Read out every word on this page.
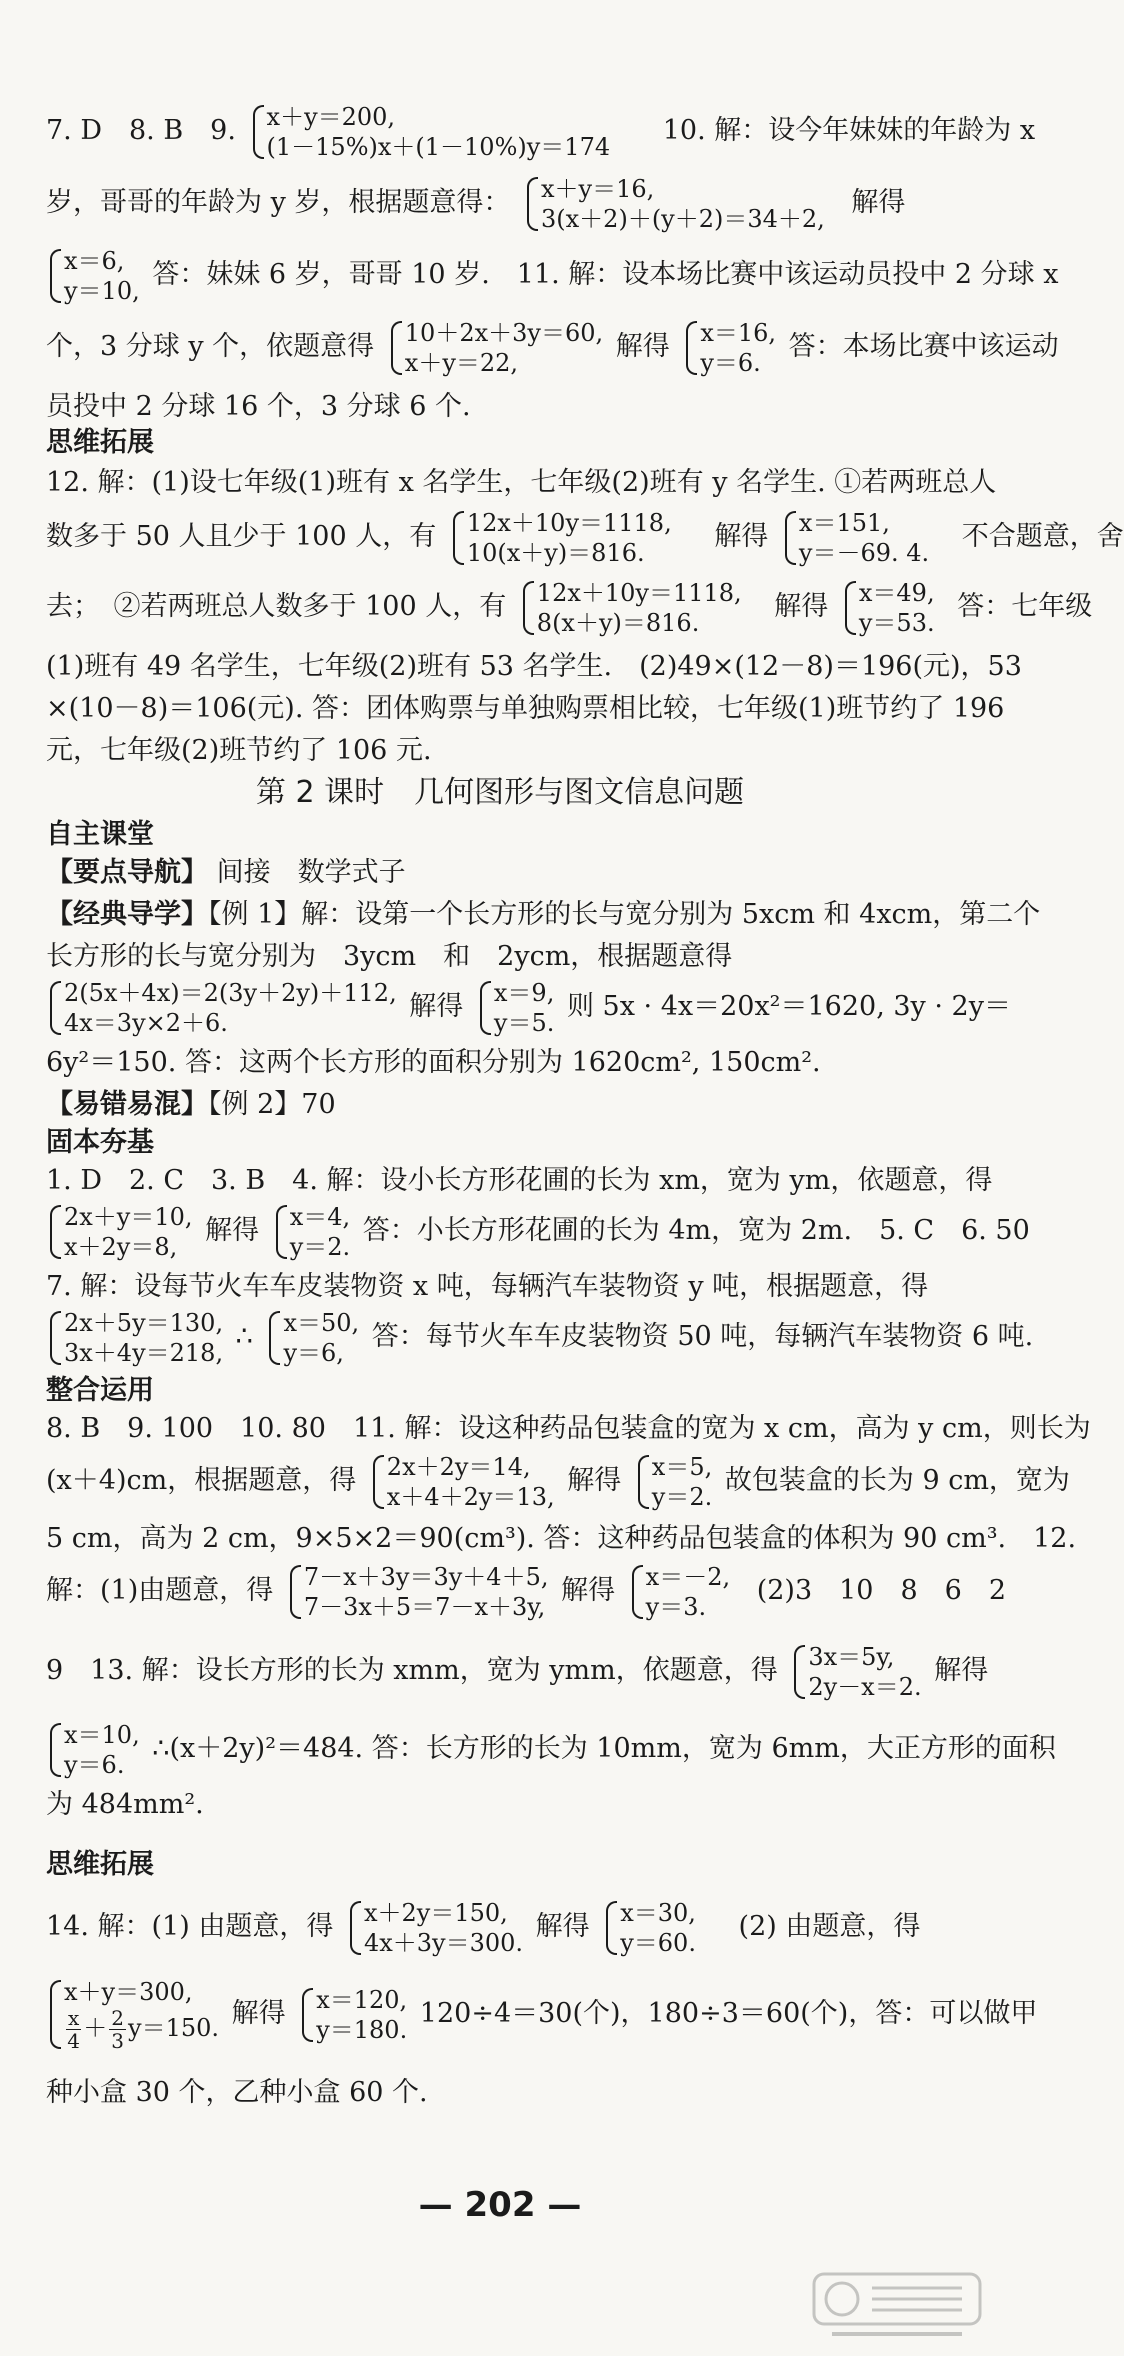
7. D　8. B　9. x＋y＝200,
(1－15%)x＋(1－10%)y＝174
10. 解：设今年妹妹的年龄为 x
岁，哥哥的年龄为 y 岁，根据题意得： x＋y＝16,
3(x＋2)＋(y＋2)＝34＋2,
解得
x＝6,
y＝10,
答：妹妹 6 岁，哥哥 10 岁.　11. 解：设本场比赛中该运动员投中 2 分球 x
个，3 分球 y 个，依题意得 10＋2x＋3y＝60,
x＋y＝22,
解得 x＝16,
y＝6.
答：本场比赛中该运动
员投中 2 分球 16 个，3 分球 6 个.
思维拓展
12. 解：(1)设七年级(1)班有 x 名学生，七年级(2)班有 y 名学生. ①若两班总人
数多于 50 人且少于 100 人，有 12x＋10y＝1118,
10(x＋y)＝816.
解得 x＝151,
y＝－69. 4.
不合题意，舍
去；　②若两班总人数多于 100 人，有 12x＋10y＝1118,
8(x＋y)＝816.
解得 x＝49,
y＝53.
答：七年级
(1)班有 49 名学生，七年级(2)班有 53 名学生.　(2)49×(12－8)＝196(元)，53
×(10－8)＝106(元). 答：团体购票与单独购票相比较，七年级(1)班节约了 196
元，七年级(2)班节约了 106 元.
第 2 课时　几何图形与图文信息问题
自主课堂
【要点导航】 间接　数学式子
【经典导学】【例 1】解：设第一个长方形的长与宽分别为 5xcm 和 4xcm，第二个
长方形的长与宽分别为　3ycm　和　2ycm，根据题意得
2(5x＋4x)＝2(3y＋2y)＋112,
4x＝3y×2＋6.
解得 x＝9,
y＝5.
则 5x · 4x＝20x²＝1620, 3y · 2y＝
6y²＝150. 答：这两个长方形的面积分别为 1620cm², 150cm².
【易错易混】【例 2】70
固本夯基
1. D　2. C　3. B　4. 解：设小长方形花圃的长为 xm，宽为 ym，依题意，得
2x＋y＝10,
x＋2y＝8,
解得 x＝4,
y＝2.
答：小长方形花圃的长为 4m，宽为 2m.　5. C　6. 50
7. 解：设每节火车车皮装物资 x 吨，每辆汽车装物资 y 吨，根据题意，得
2x＋5y＝130,
3x＋4y＝218,
∴ x＝50,
y＝6,
答：每节火车车皮装物资 50 吨，每辆汽车装物资 6 吨.
整合运用
8. B　9. 100　10. 80　11. 解：设这种药品包装盒的宽为 x cm，高为 y cm，则长为
(x＋4)cm，根据题意，得 2x＋2y＝14,
x＋4＋2y＝13,
解得 x＝5,
y＝2.
故包装盒的长为 9 cm，宽为
5 cm，高为 2 cm，9×5×2＝90(cm³). 答：这种药品包装盒的体积为 90 cm³.　12.
解：(1)由题意，得 7－x＋3y＝3y＋4＋5,
7－3x＋5＝7－x＋3y,
解得 x＝－2,
y＝3.
(2)3　10　8　6　2
9　13. 解：设长方形的长为 xmm，宽为 ymm，依题意，得 3x＝5y,
2y－x＝2.
解得
x＝10,
y＝6.
∴(x＋2y)²＝484. 答：长方形的长为 10mm，宽为 6mm，大正方形的面积
为 484mm².
思维拓展
14. 解：(1) 由题意，得 x＋2y＝150,
4x＋3y＝300.
解得 x＝30,
y＝60.
(2) 由题意，得
x＋y＝300,
$\frac{x}{4} + \frac{2}{3} y=150$. 解得 x＝120,
y＝180.
120÷4＝30(个)，180÷3＝60(个)，答：可以做甲
种小盒 30 个，乙种小盒 60 个.
— 202 —
